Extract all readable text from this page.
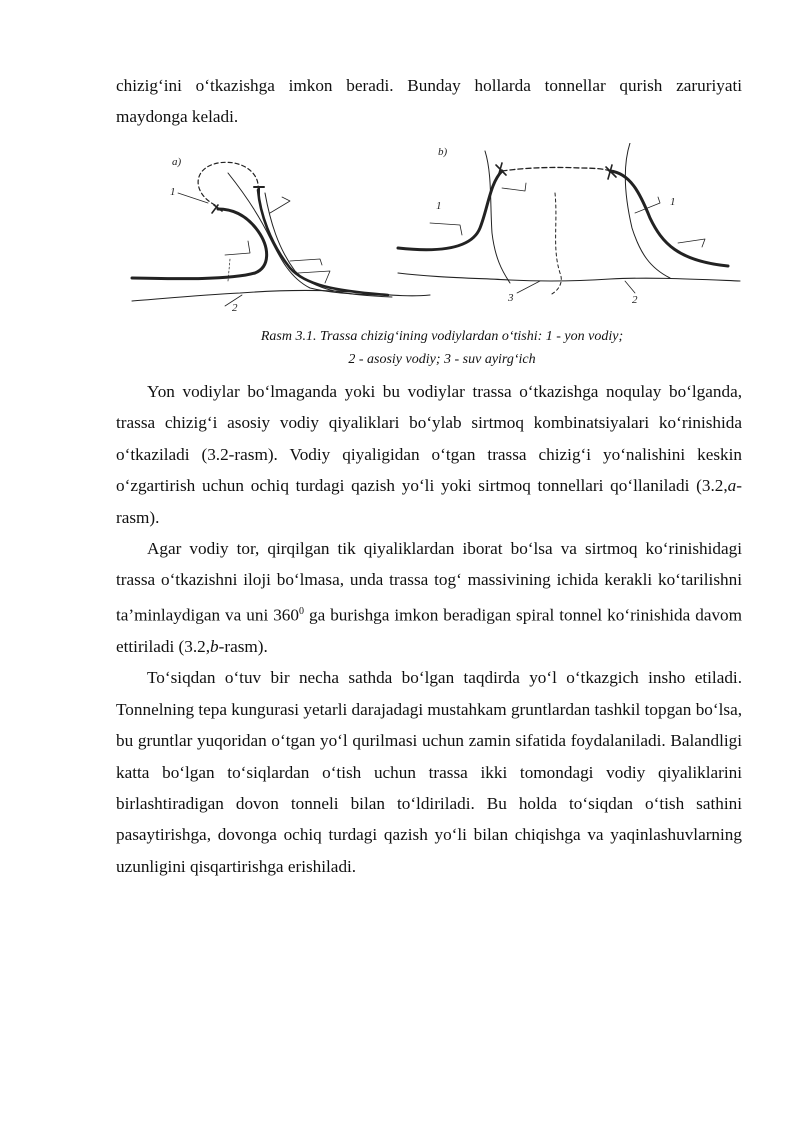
chizig‘ini o‘tkazishga imkon beradi. Bunday hollarda tonnellar qurish zaruriyati maydonga keladi.

a)
b)
1
2
1	1
3	2
Rasm 3.1. Trassa chizig‘ining vodiylardan o‘tishi: 1 - yon vodiy;
2 - asosiy vodiy; 3 - suv ayirg‘ich

Yon vodiylar bo‘lmaganda yoki bu vodiylar trassa o‘tkazishga noqulay bo‘lganda, trassa chizig‘i asosiy vodiy qiyaliklari bo‘ylab sirtmoq kombinatsiyalari ko‘rinishida o‘tkaziladi (3.2-rasm). Vodiy qiyaligidan o‘tgan trassa chizig‘i yo‘nalishini keskin o‘zgartirish uchun ochiq turdagi qazish yo‘li yoki sirtmoq tonnellari qo‘llaniladi (3.2,a-rasm).

Agar vodiy tor, qirqilgan tik qiyaliklardan iborat bo‘lsa va sirtmoq ko‘rinishidagi trassa o‘tkazishni iloji bo‘lmasa, unda trassa tog‘ massivining ichida kerakli ko‘tarilishni ta’minlaydigan va uni $360^0$ ga burishga imkon beradigan spiral tonnel ko‘rinishida davom ettiriladi (3.2,b-rasm).

To‘siqdan o‘tuv bir necha sathda bo‘lgan taqdirda yo‘l o‘tkazgich insho etiladi. Tonnelning tepa kungurasi yetarli darajadagi mustahkam gruntlardan tashkil topgan bo‘lsa, bu gruntlar yuqoridan o‘tgan yo‘l qurilmasi uchun zamin sifatida foydalaniladi. Balandligi katta bo‘lgan to‘siqlardan o‘tish uchun trassa ikki tomondagi vodiy qiyaliklarini birlashtiradigan dovon tonneli bilan to‘ldiriladi. Bu holda to‘siqdan o‘tish sathini pasaytirishga, dovonga ochiq turdagi qazish yo‘li bilan chiqishga va yaqinlashuvlarning uzunligini qisqartirishga erishiladi.
